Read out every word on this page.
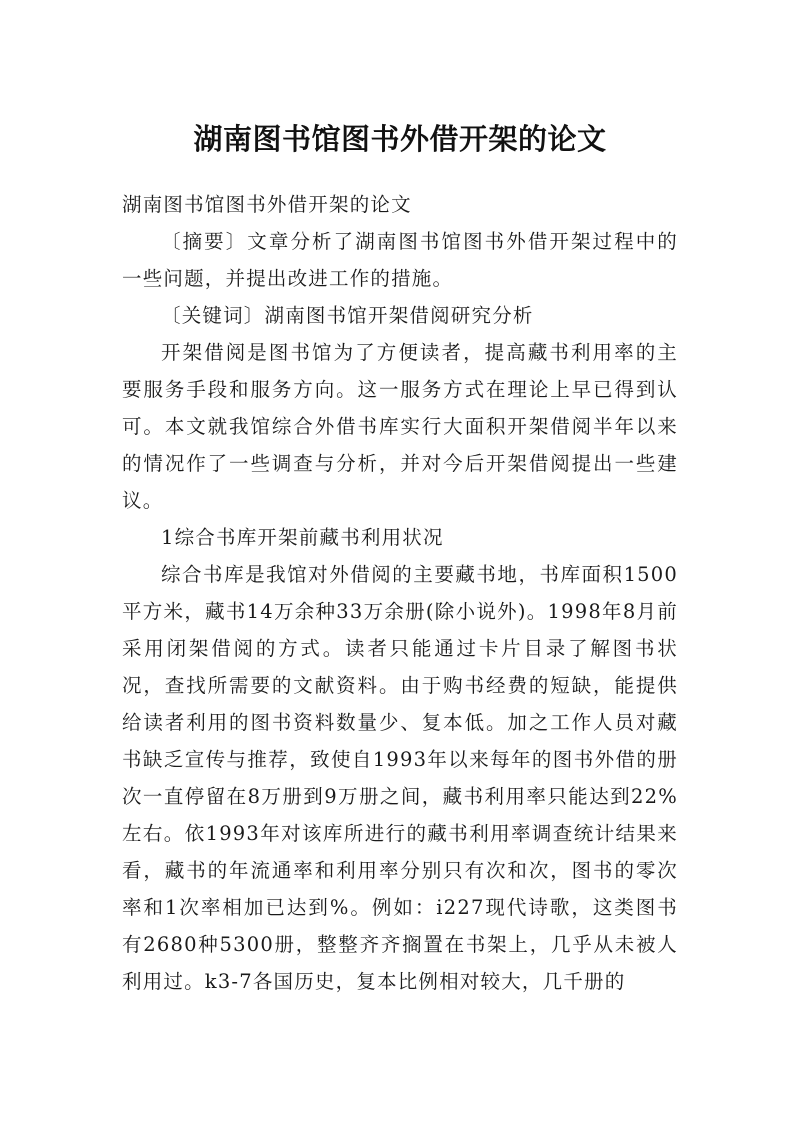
湖南图书馆图书外借开架的论文

湖南图书馆图书外借开架的论文

〔摘要〕文章分析了湖南图书馆图书外借开架过程中的一些问题，并提出改进工作的措施。

〔关键词〕湖南图书馆开架借阅研究分析

开架借阅是图书馆为了方便读者，提高藏书利用率的主要服务手段和服务方向。这一服务方式在理论上早已得到认可。本文就我馆综合外借书库实行大面积开架借阅半年以来的情况作了一些调查与分析，并对今后开架借阅提出一些建议。

1综合书库开架前藏书利用状况

综合书库是我馆对外借阅的主要藏书地，书库面积1500平方米，藏书14万余种33万余册(除小说外)。1998年8月前采用闭架借阅的方式。读者只能通过卡片目录了解图书状况，查找所需要的文献资料。由于购书经费的短缺，能提供给读者利用的图书资料数量少、复本低。加之工作人员对藏书缺乏宣传与推荐，致使自1993年以来每年的图书外借的册次一直停留在8万册到9万册之间，藏书利用率只能达到22%左右。依1993年对该库所进行的藏书利用率调查统计结果来看，藏书的年流通率和利用率分别只有次和次，图书的零次率和1次率相加已达到%。例如：i227现代诗歌，这类图书有2680种5300册，整整齐齐搁置在书架上，几乎从未被人利用过。k3-7各国历史，复本比例相对较大，几千册的
